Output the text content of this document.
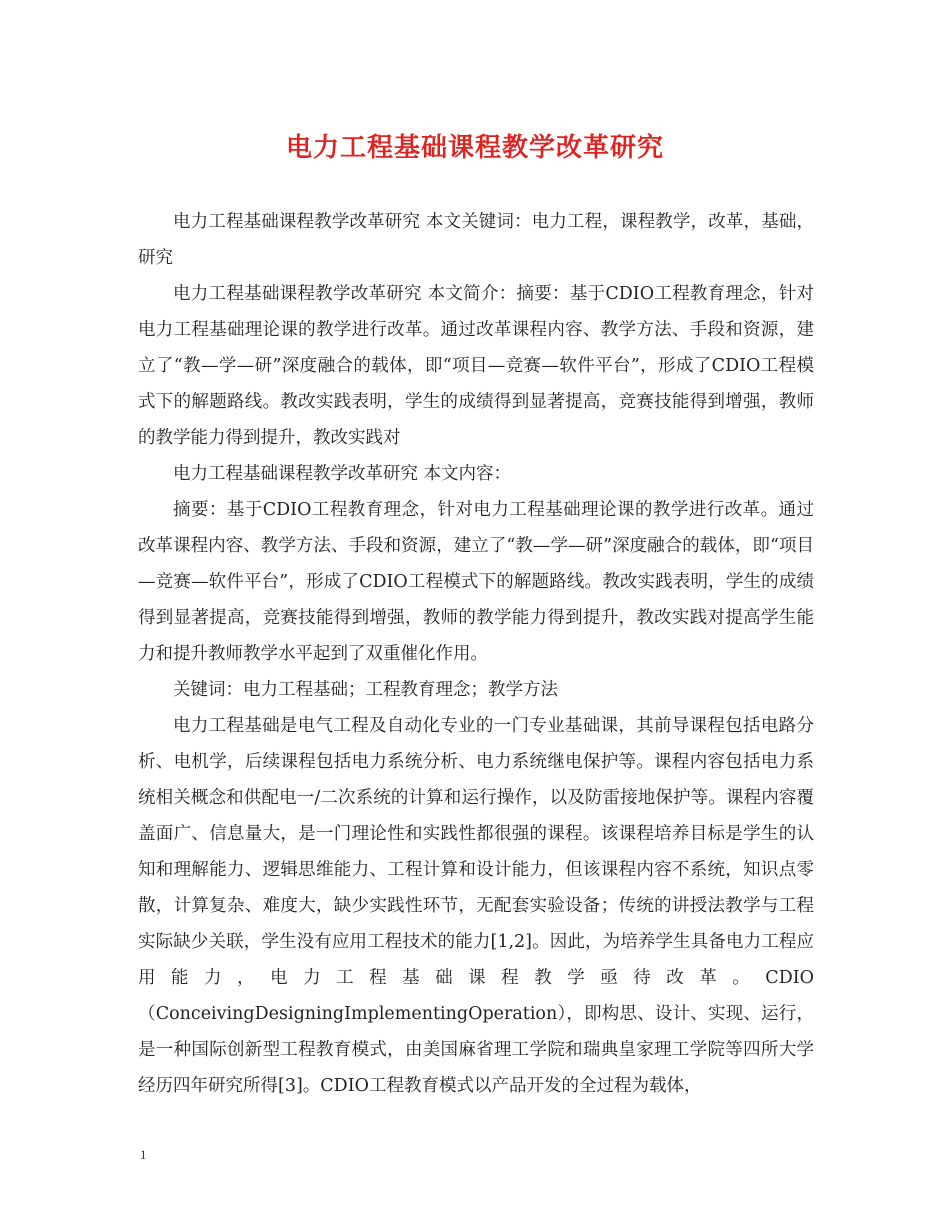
电力工程基础课程教学改革研究

电力工程基础课程教学改革研究 本文关键词：电力工程，课程教学，改革，基础，研究

电力工程基础课程教学改革研究 本文简介：摘要：基于CDIO工程教育理念，针对电力工程基础理论课的教学进行改革。通过改革课程内容、教学方法、手段和资源，建立了“教—学—研”深度融合的载体，即“项目—竞赛—软件平台”，形成了CDIO工程模式下的解题路线。教改实践表明，学生的成绩得到显著提高，竞赛技能得到增强，教师的教学能力得到提升，教改实践对

电力工程基础课程教学改革研究 本文内容：

摘要：基于CDIO工程教育理念，针对电力工程基础理论课的教学进行改革。通过改革课程内容、教学方法、手段和资源，建立了“教—学—研”深度融合的载体，即“项目—竞赛—软件平台”，形成了CDIO工程模式下的解题路线。教改实践表明，学生的成绩得到显著提高，竞赛技能得到增强，教师的教学能力得到提升，教改实践对提高学生能力和提升教师教学水平起到了双重催化作用。

关键词：电力工程基础；工程教育理念；教学方法

电力工程基础是电气工程及自动化专业的一门专业基础课，其前导课程包括电路分析、电机学，后续课程包括电力系统分析、电力系统继电保护等。课程内容包括电力系统相关概念和供配电一/二次系统的计算和运行操作，以及防雷接地保护等。课程内容覆盖面广、信息量大，是一门理论性和实践性都很强的课程。该课程培养目标是学生的认知和理解能力、逻辑思维能力、工程计算和设计能力，但该课程内容不系统，知识点零散，计算复杂、难度大，缺少实践性环节，无配套实验设备；传统的讲授法教学与工程实际缺少关联，学生没有应用工程技术的能力[1,2]。因此，为培养学生具备电力工程应用能力，电力工程基础课程教学亟待改革。CDIO（ConceivingDesigningImplementingOperation），即构思、设计、实现、运行，是一种国际创新型工程教育模式，由美国麻省理工学院和瑞典皇家理工学院等四所大学经历四年研究所得[3]。CDIO工程教育模式以产品开发的全过程为载体，

1
